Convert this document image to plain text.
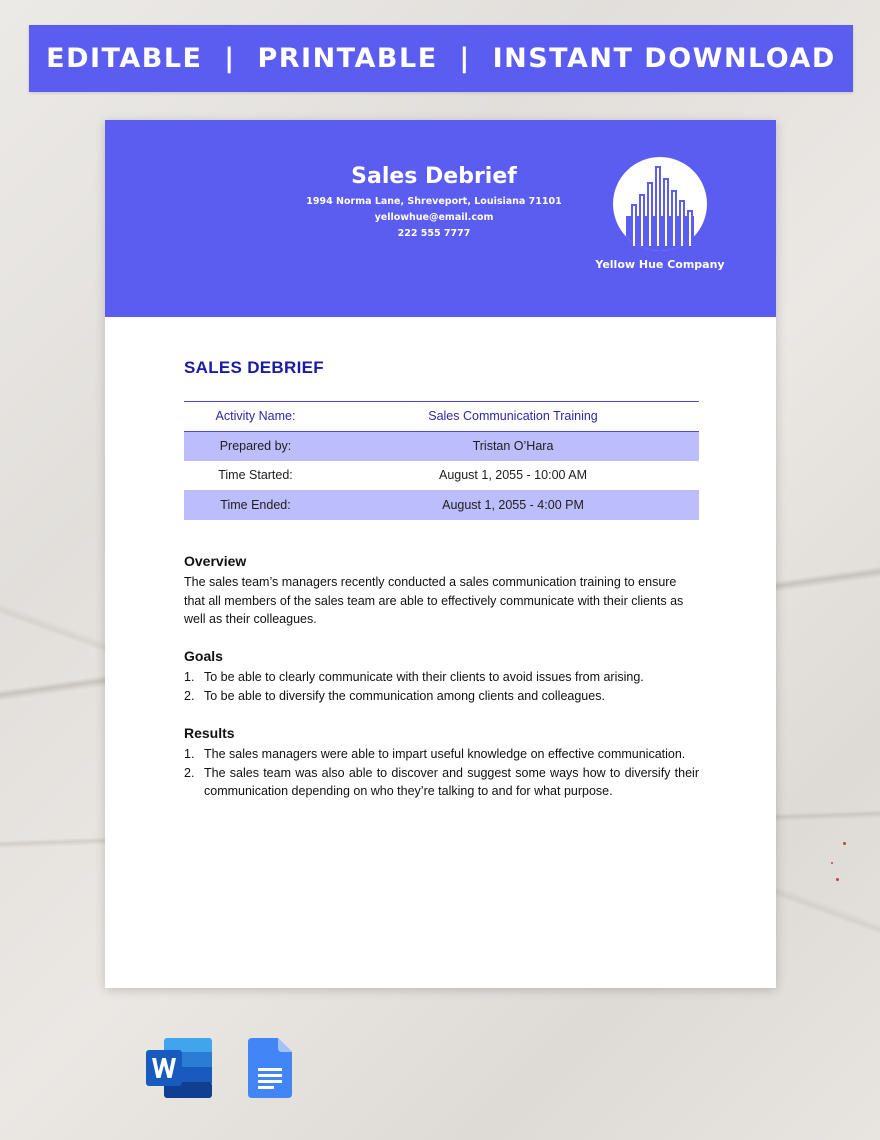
EDITABLE  |  PRINTABLE  |  INSTANT DOWNLOAD
Sales Debrief
1994 Norma Lane, Shreveport, Louisiana 71101
yellowhue@email.com
222 555 7777
Yellow Hue Company
SALES DEBRIEF
Activity Name:	Sales Communication Training
Prepared by:	Tristan O’Hara
Time Started:	August 1, 2055 - 10:00 AM
Time Ended:	August 1, 2055 - 4:00 PM
Overview

The sales team’s managers recently conducted a sales communication training to ensure that all members of the sales team are able to effectively communicate with their clients as well as their colleagues.

Goals
1. To be able to clearly communicate with their clients to avoid issues from arising.
2. To be able to diversify the communication among clients and colleagues.
Results
1. The sales managers were able to impart useful knowledge on effective communication.
2. The sales team was also able to discover and suggest some ways how to diversify their communication depending on who they’re talking to and for what purpose.
